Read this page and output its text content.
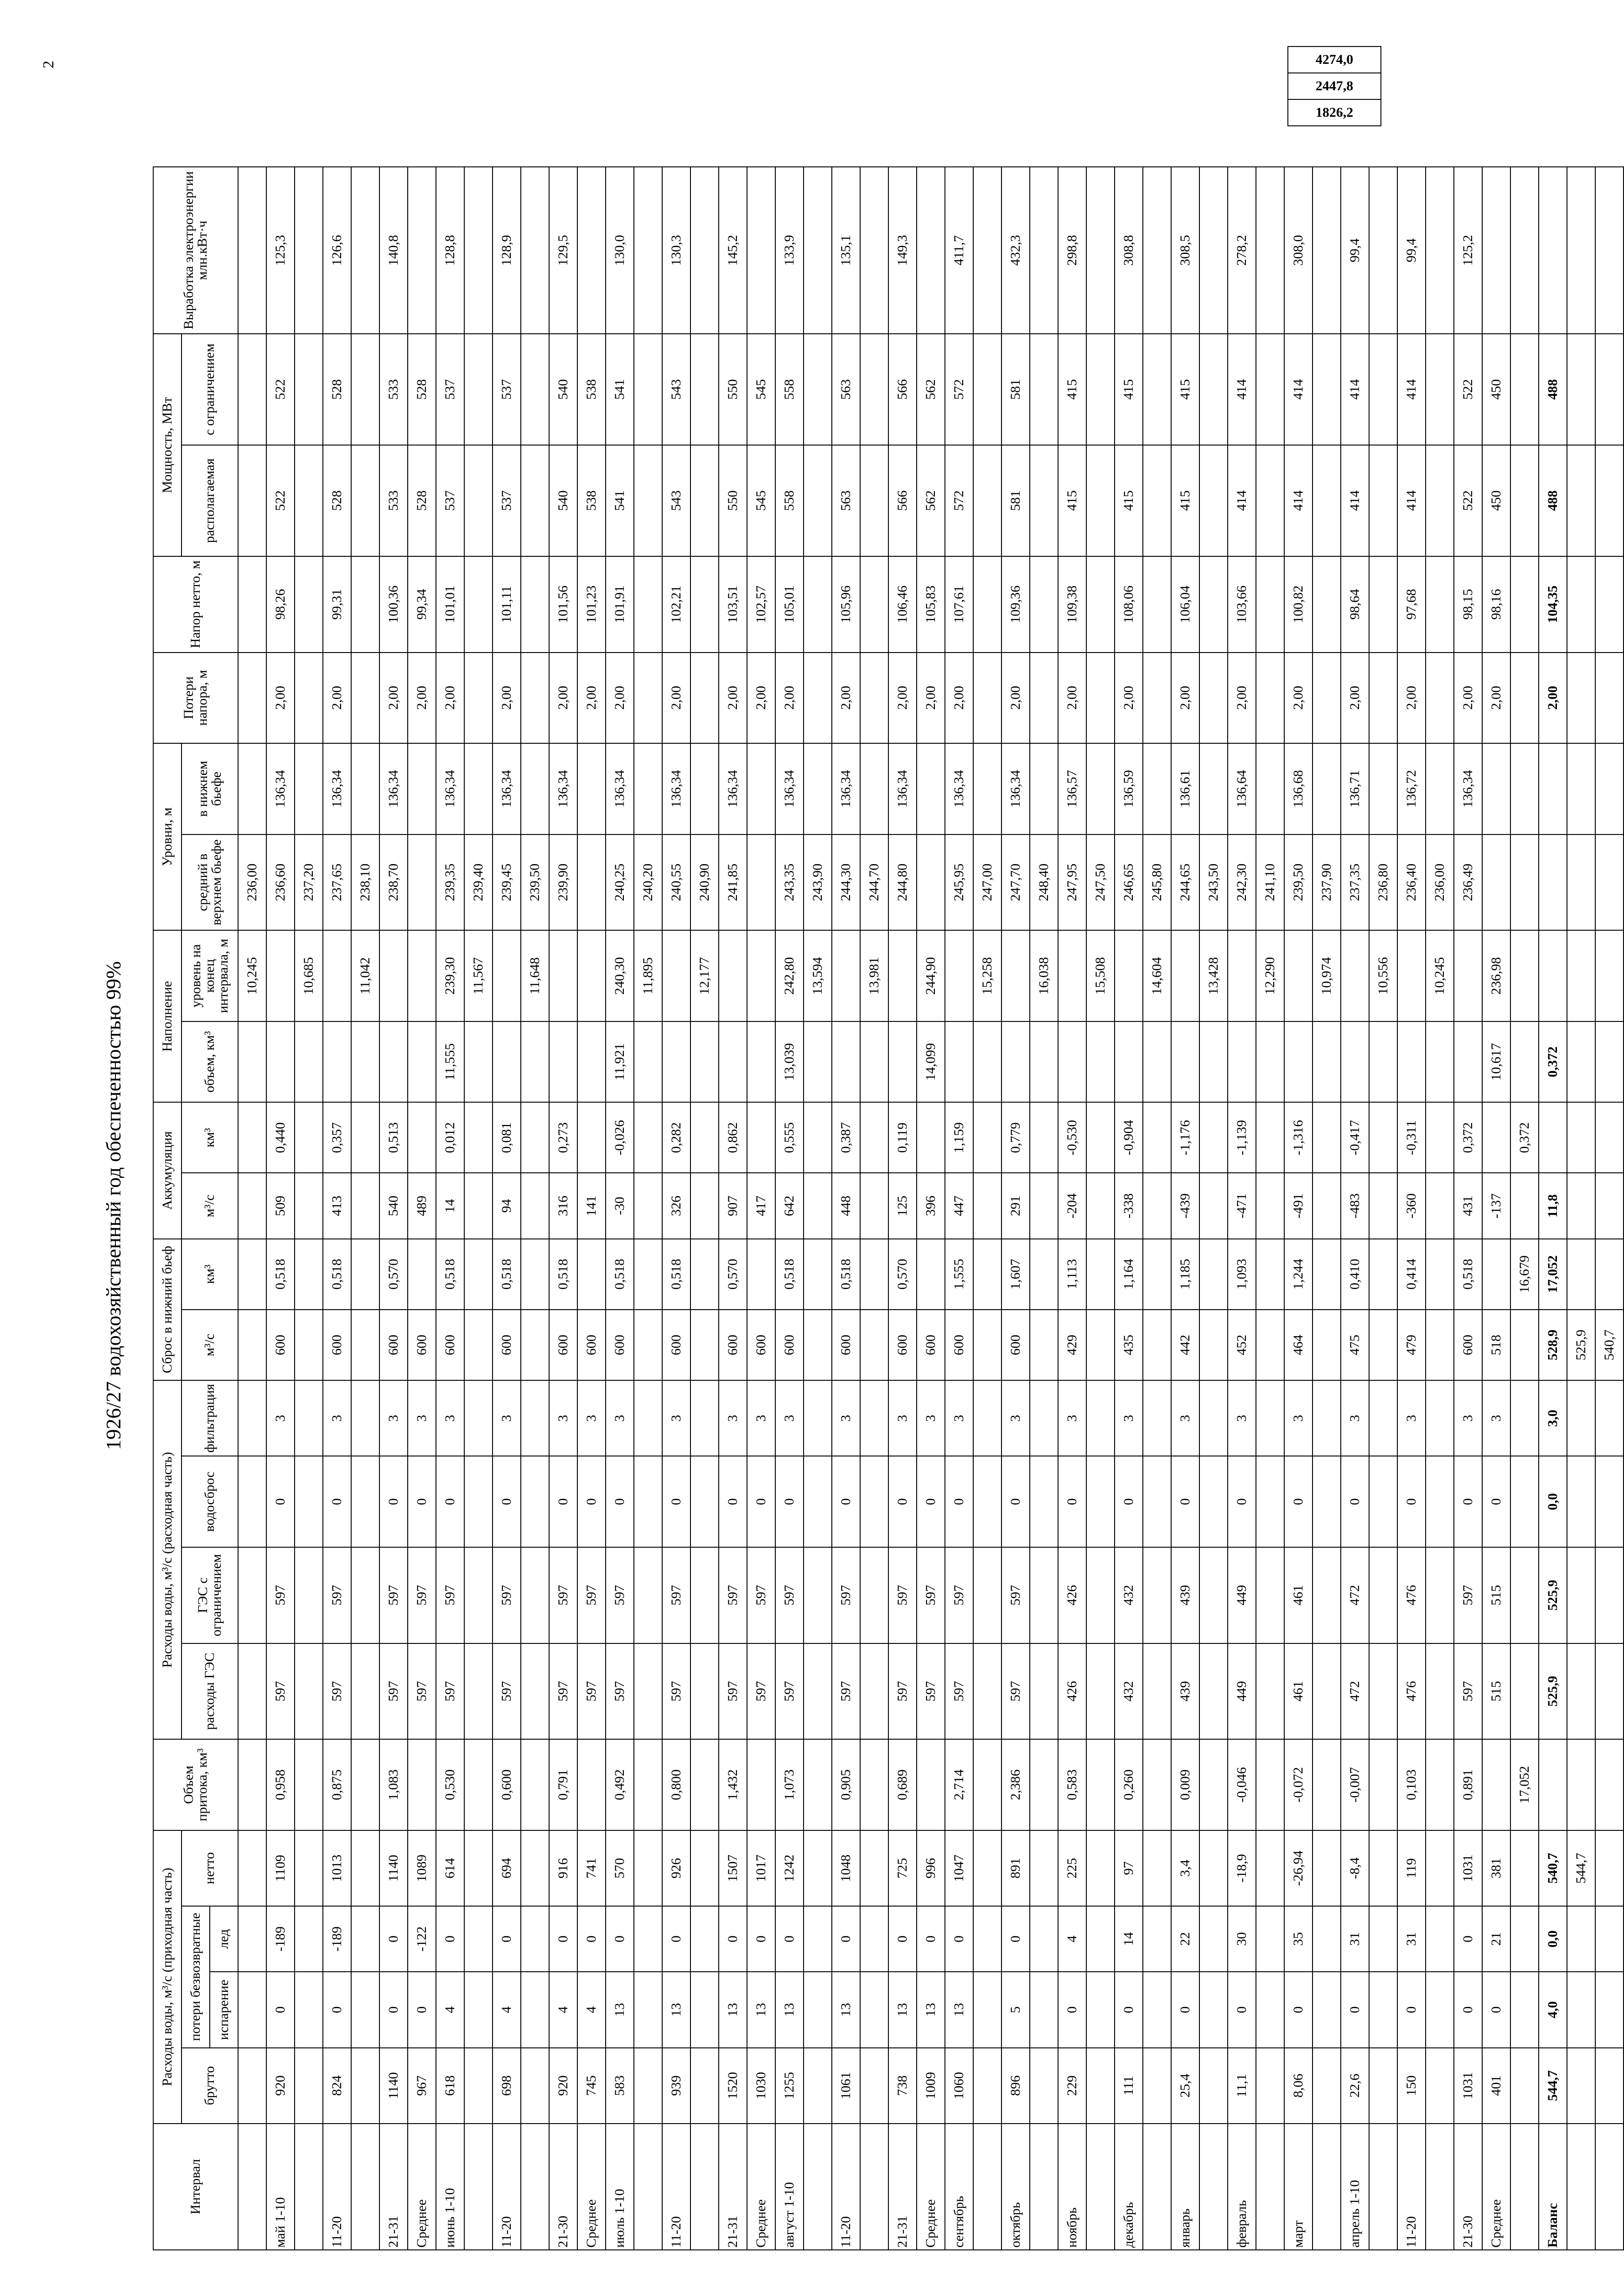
2
1926/27 водохозяйственный год обеспеченностью 99%
Интервал	Расходы воды, м³/с (приходная часть)				Объем притока, км³	Расходы воды, м³/с (расходная часть)				Сброс в нижний бьеф		Аккумуляция		Наполнение		Уровни, м		Потери напора, м	Напор нетто, м	Мощность, МВт		Выработка электроэнергии млн.кВт·ч
	брутто	потери безвозвратные		нетто		расходы ГЭС	ГЭС с ограничением	водосброс	фильтрация	м³/с	км³	м³/с	км³	объем, км³	уровень на конец интервала, м	средний в верхнем бьефе	в нижнем бьефе			располагаемая	с ограничением	
		испарение	лед																			
															10,245	236,00						
май 1-10	920	0	-189	1109	0,958	597	597	0	3	600	0,518	509	0,440			236,60	136,34	2,00	98,26	522	522	125,3
															10,685	237,20						
11-20	824	0	-189	1013	0,875	597	597	0	3	600	0,518	413	0,357			237,65	136,34	2,00	99,31	528	528	126,6
															11,042	238,10						
21-31	1140	0	0	1140	1,083	597	597	0	3	600	0,570	540	0,513			238,70	136,34	2,00	100,36	533	533	140,8
Среднее	967	0	-122	1089		597	597	0	3	600		489						2,00	99,34	528	528	
июнь 1-10	618	4	0	614	0,530	597	597	0	3	600	0,518	14	0,012	11,555	239,30	239,35	136,34	2,00	101,01	537	537	128,8
															11,567	239,40						
11-20	698	4	0	694	0,600	597	597	0	3	600	0,518	94	0,081			239,45	136,34	2,00	101,11	537	537	128,9
															11,648	239,50						
21-30	920	4	0	916	0,791	597	597	0	3	600	0,518	316	0,273			239,90	136,34	2,00	101,56	540	540	129,5
Среднее	745	4	0	741		597	597	0	3	600		141						2,00	101,23	538	538	
июль 1-10	583	13	0	570	0,492	597	597	0	3	600	0,518	-30	-0,026	11,921	240,30	240,25	136,34	2,00	101,91	541	541	130,0
															11,895	240,20						
11-20	939	13	0	926	0,800	597	597	0	3	600	0,518	326	0,282			240,55	136,34	2,00	102,21	543	543	130,3
															12,177	240,90						
21-31	1520	13	0	1507	1,432	597	597	0	3	600	0,570	907	0,862			241,85	136,34	2,00	103,51	550	550	145,2
Среднее	1030	13	0	1017		597	597	0	3	600		417						2,00	102,57	545	545	
август 1-10	1255	13	0	1242	1,073	597	597	0	3	600	0,518	642	0,555	13,039	242,80	243,35	136,34	2,00	105,01	558	558	133,9
															13,594	243,90						
11-20	1061	13	0	1048	0,905	597	597	0	3	600	0,518	448	0,387			244,30	136,34	2,00	105,96	563	563	135,1
															13,981	244,70						
21-31	738	13	0	725	0,689	597	597	0	3	600	0,570	125	0,119			244,80	136,34	2,00	106,46	566	566	149,3
Среднее	1009	13	0	996		597	597	0	3	600		396		14,099	244,90			2,00	105,83	562	562	
сентябрь	1060	13	0	1047	2,714	597	597	0	3	600	1,555	447	1,159			245,95	136,34	2,00	107,61	572	572	411,7
															15,258	247,00						
октябрь	896	5	0	891	2,386	597	597	0	3	600	1,607	291	0,779			247,70	136,34	2,00	109,36	581	581	432,3
															16,038	248,40						
ноябрь	229	0	4	225	0,583	426	426	0	3	429	1,113	-204	-0,530			247,95	136,57	2,00	109,38	415	415	298,8
															15,508	247,50						
декабрь	111	0	14	97	0,260	432	432	0	3	435	1,164	-338	-0,904			246,65	136,59	2,00	108,06	415	415	308,8
															14,604	245,80						
январь	25,4	0	22	3,4	0,009	439	439	0	3	442	1,185	-439	-1,176			244,65	136,61	2,00	106,04	415	415	308,5
															13,428	243,50						
февраль	11,1	0	30	-18,9	-0,046	449	449	0	3	452	1,093	-471	-1,139			242,30	136,64	2,00	103,66	414	414	278,2
															12,290	241,10						
март	8,06	0	35	-26,94	-0,072	461	461	0	3	464	1,244	-491	-1,316			239,50	136,68	2,00	100,82	414	414	308,0
															10,974	237,90						
апрель 1-10	22,6	0	31	-8,4	-0,007	472	472	0	3	475	0,410	-483	-0,417			237,35	136,71	2,00	98,64	414	414	99,4
															10,556	236,80						
11-20	150	0	31	119	0,103	476	476	0	3	479	0,414	-360	-0,311			236,40	136,72	2,00	97,68	414	414	99,4
															10,245	236,00						
21-30	1031	0	0	1031	0,891	597	597	0	3	600	0,518	431	0,372			236,49	136,34	2,00	98,15	522	522	125,2
Среднее	401	0	21	381		515	515	0	3	518		-137		10,617	236,98			2,00	98,16	450	450	
					17,052						16,679		0,372									
Баланс	544,7	4,0	0,0	540,7		525,9	525,9	0,0	3,0	528,9	17,052	11,8		0,372				2,00	104,35	488	488	
				544,7						525,9												
										540,7												
4274,0
2447,8
1826,2
